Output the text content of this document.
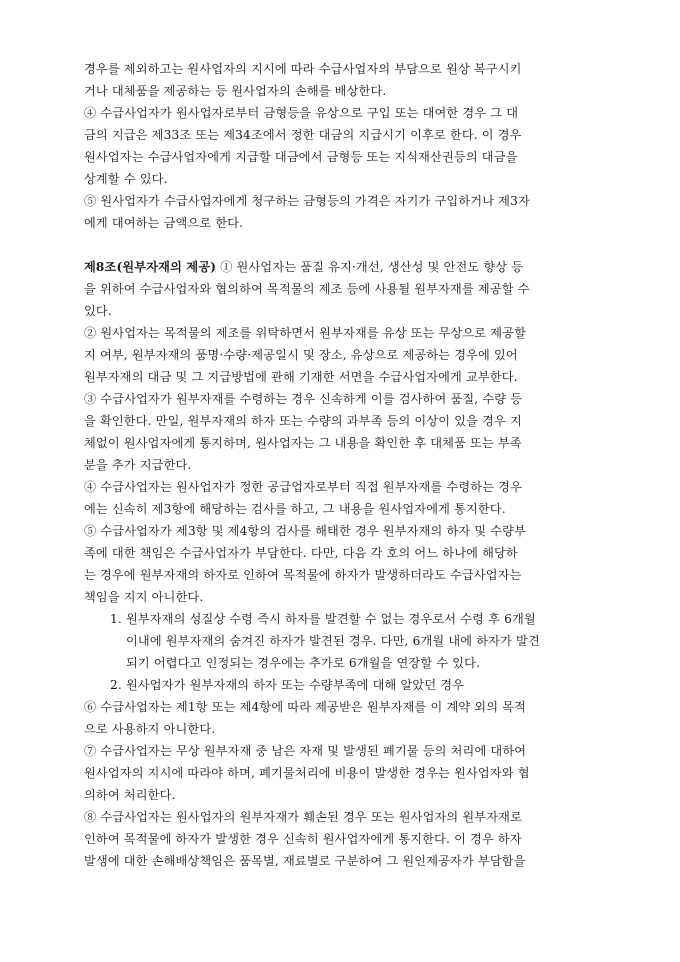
경우를 제외하고는 원사업자의 지시에 따라 수급사업자의 부담으로 원상 복구시키
거나 대체품을 제공하는 등 원사업자의 손해를 배상한다.
④ 수급사업자가 원사업자로부터 금형등을 유상으로 구입 또는 대여한 경우 그 대
금의 지급은 제33조 또는 제34조에서 정한 대금의 지급시기 이후로 한다. 이 경우
원사업자는 수급사업자에게 지급할 대금에서 금형등 또는 지식재산권등의 대금을
상계할 수 있다.
⑤ 원사업자가 수급사업자에게 청구하는 금형등의 가격은 자기가 구입하거나 제3자
에게 대여하는 금액으로 한다.
제8조(원부자재의 제공) ① 원사업자는 품질 유지·개선, 생산성 및 안전도 향상 등
을 위하여 수급사업자와 협의하여 목적물의 제조 등에 사용될 원부자재를 제공할 수
있다.
② 원사업자는 목적물의 제조를 위탁하면서 원부자재를 유상 또는 무상으로 제공할
지 여부, 원부자재의 품명·수량·제공일시 및 장소, 유상으로 제공하는 경우에 있어
원부자재의 대금 및 그 지급방법에 관해 기재한 서면을 수급사업자에게 교부한다.
③ 수급사업자가 원부자재를 수령하는 경우 신속하게 이를 검사하여 품질, 수량 등
을 확인한다. 만일, 원부자재의 하자 또는 수량의 과부족 등의 이상이 있을 경우 지
체없이 원사업자에게 통지하며, 원사업자는 그 내용을 확인한 후 대체품 또는 부족
분을 추가 지급한다.
④ 수급사업자는 원사업자가 정한 공급업자로부터 직접 원부자재를 수령하는 경우
에는 신속히 제3항에 해당하는 검사를 하고, 그 내용을 원사업자에게 통지한다.
⑤ 수급사업자가 제3항 및 제4항의 검사를 해태한 경우 원부자재의 하자 및 수량부
족에 대한 책임은 수급사업자가 부담한다. 다만, 다음 각 호의 어느 하나에 해당하
는 경우에 원부자재의 하자로 인하여 목적물에 하자가 발생하더라도 수급사업자는
책임을 지지 아니한다.
1. 원부자재의 성질상 수령 즉시 하자를 발견할 수 없는 경우로서 수령 후 6개월
이내에 원부자재의 숨겨진 하자가 발견된 경우. 다만, 6개월 내에 하자가 발견
되기 어렵다고 인정되는 경우에는 추가로 6개월을 연장할 수 있다.
2. 원사업자가 원부자재의 하자 또는 수량부족에 대해 알았던 경우
⑥ 수급사업자는 제1항 또는 제4항에 따라 제공받은 원부자재를 이 계약 외의 목적
으로 사용하지 아니한다.
⑦ 수급사업자는 무상 원부자재 중 남은 자재 및 발생된 폐기물 등의 처리에 대하여
원사업자의 지시에 따라야 하며, 폐기물처리에 비용이 발생한 경우는 원사업자와 협
의하여 처리한다.
⑧ 수급사업자는 원사업자의 원부자재가 훼손된 경우 또는 원사업자의 원부자재로
인하여 목적물에 하자가 발생한 경우 신속히 원사업자에게 통지한다. 이 경우 하자
발생에 대한 손해배상책임은 품목별, 재료별로 구분하여 그 원인제공자가 부담함을
